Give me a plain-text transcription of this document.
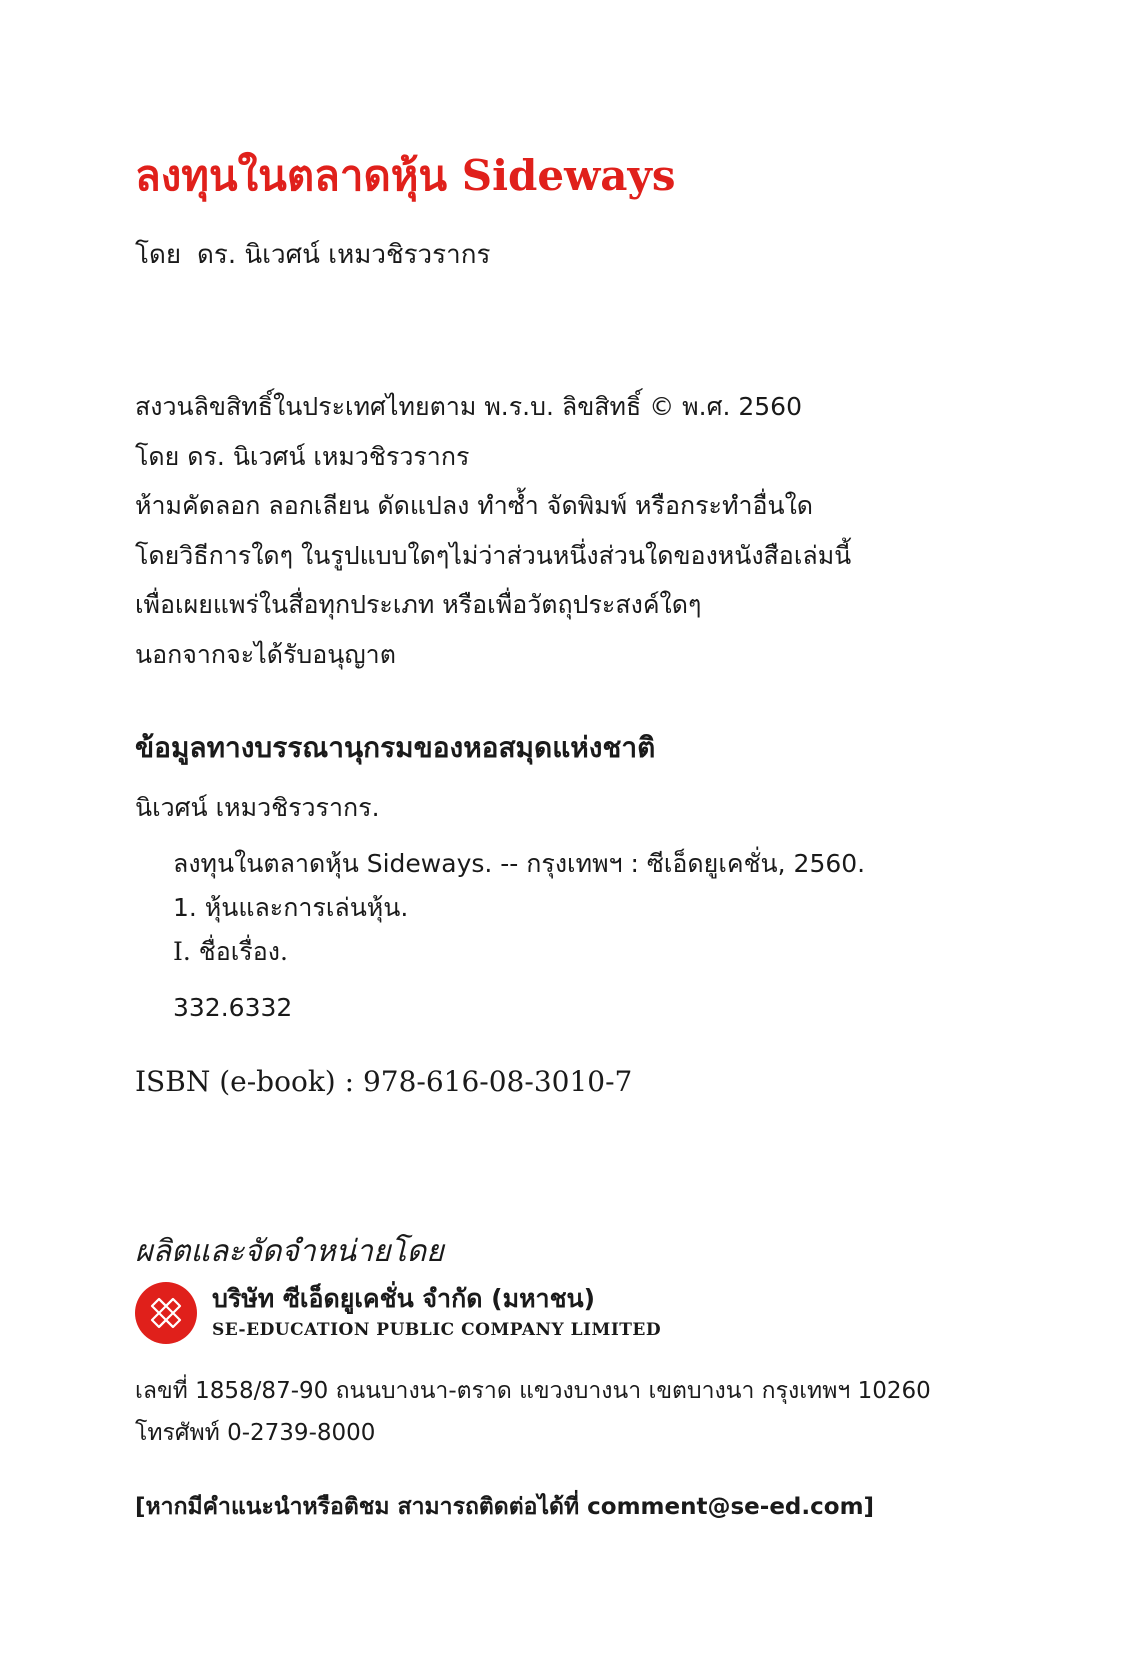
ลงทุนในตลาดหุ้น Sideways
โดย ดร. นิเวศน์ เหมวชิรวรากร
สงวนลิขสิทธิ์ในประเทศไทยตาม พ.ร.บ. ลิขสิทธิ์ © พ.ศ. 2560
โดย ดร. นิเวศน์ เหมวชิรวรากร
ห้ามคัดลอก ลอกเลียน ดัดแปลง ทำซ้ำ จัดพิมพ์ หรือกระทำอื่นใด
โดยวิธีการใดๆ ในรูปแบบใดๆไม่ว่าส่วนหนึ่งส่วนใดของหนังสือเล่มนี้
เพื่อเผยแพร่ในสื่อทุกประเภท หรือเพื่อวัตถุประสงค์ใดๆ
นอกจากจะได้รับอนุญาต
ข้อมูลทางบรรณานุกรมของหอสมุดแห่งชาติ
นิเวศน์ เหมวชิรวรากร.
ลงทุนในตลาดหุ้น Sideways. -- กรุงเทพฯ : ซีเอ็ดยูเคชั่น, 2560.
1. หุ้นและการเล่นหุ้น.
I. ชื่อเรื่อง.
332.6332
ISBN (e-book) : 978-616-08-3010-7
ผลิตและจัดจำหน่ายโดย
บริษัท ซีเอ็ดยูเคชั่น จำกัด (มหาชน)
SE-EDUCATION PUBLIC COMPANY LIMITED
เลขที่ 1858/87-90 ถนนบางนา-ตราด แขวงบางนา เขตบางนา กรุงเทพฯ 10260
โทรศัพท์ 0-2739-8000
[หากมีคำแนะนำหรือติชม สามารถติดต่อได้ที่ comment@se-ed.com]
